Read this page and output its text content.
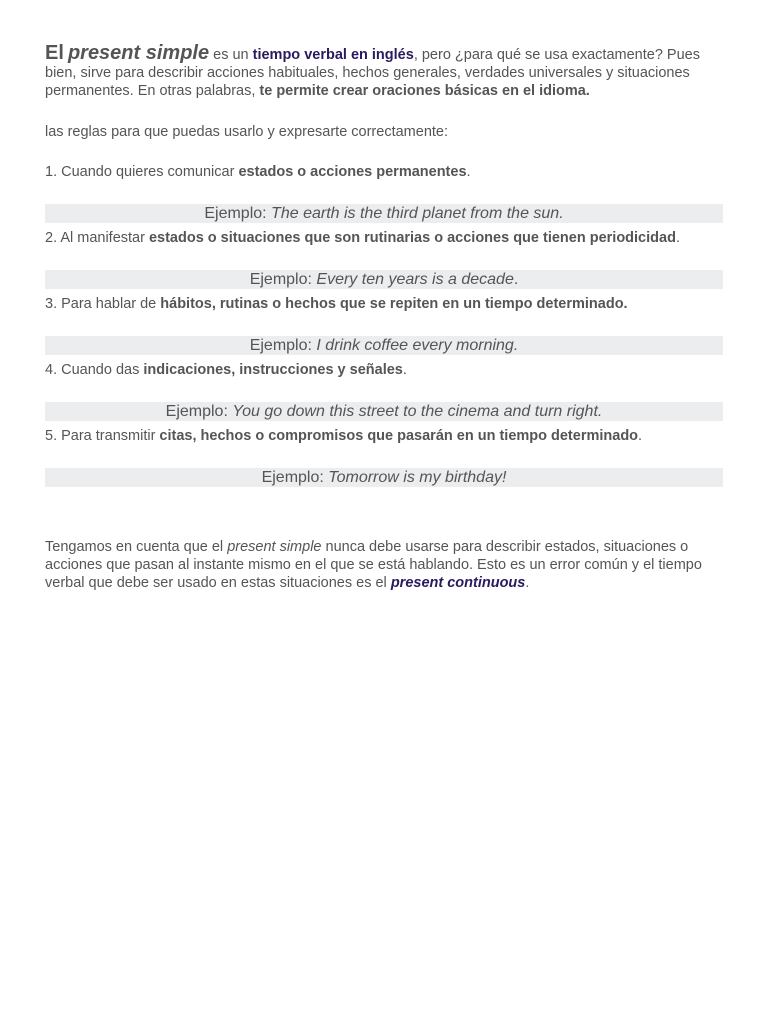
El present simple es un tiempo verbal en inglés, pero ¿para qué se usa exactamente? Pues bien, sirve para describir acciones habituales, hechos generales, verdades universales y situaciones permanentes. En otras palabras, te permite crear oraciones básicas en el idioma.

las reglas para que puedas usarlo y expresarte correctamente:

1. Cuando quieres comunicar estados o acciones permanentes.

Ejemplo: The earth is the third planet from the sun.

2. Al manifestar estados o situaciones que son rutinarias o acciones que tienen periodicidad.

Ejemplo: Every ten years is a decade.

3. Para hablar de hábitos, rutinas o hechos que se repiten en un tiempo determinado.

Ejemplo: I drink coffee every morning.

4. Cuando das indicaciones, instrucciones y señales.

Ejemplo: You go down this street to the cinema and turn right.

5. Para transmitir citas, hechos o compromisos que pasarán en un tiempo determinado.

Ejemplo: Tomorrow is my birthday!

Tengamos en cuenta que el present simple nunca debe usarse para describir estados, situaciones o acciones que pasan al instante mismo en el que se está hablando. Esto es un error común y el tiempo verbal que debe ser usado en estas situaciones es el present continuous.
